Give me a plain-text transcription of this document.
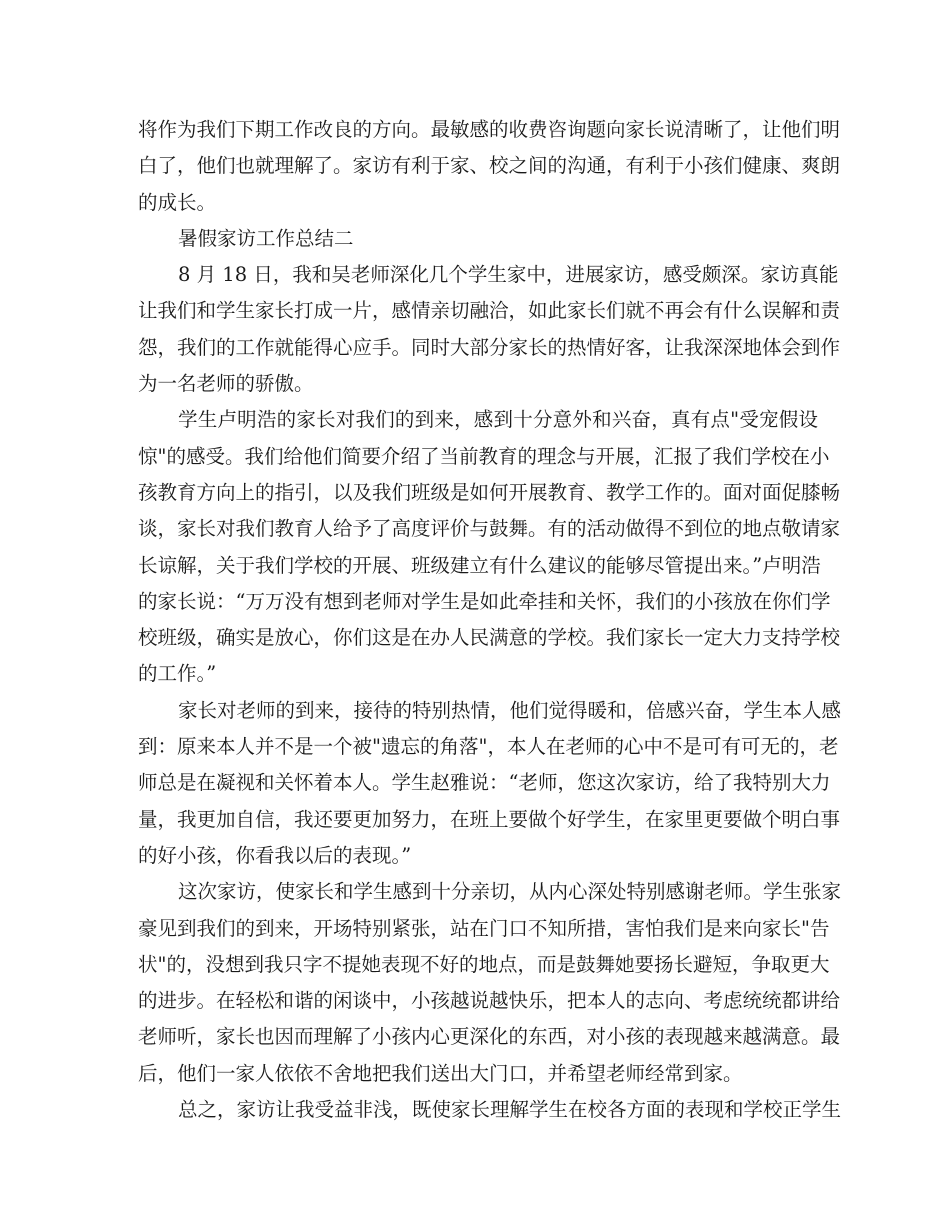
将作为我们下期工作改良的方向。最敏感的收费咨询题向家长说清晰了，让他们明
白了，他们也就理解了。家访有利于家、校之间的沟通，有利于小孩们健康、爽朗
的成长。
暑假家访工作总结二
8 月 18 日，我和吴老师深化几个学生家中，进展家访，感受颇深。家访真能
让我们和学生家长打成一片，感情亲切融洽，如此家长们就不再会有什么误解和责
怨，我们的工作就能得心应手。同时大部分家长的热情好客，让我深深地体会到作
为一名老师的骄傲。
学生卢明浩的家长对我们的到来，感到十分意外和兴奋，真有点"受宠假设
惊"的感受。我们给他们简要介绍了当前教育的理念与开展，汇报了我们学校在小
孩教育方向上的指引，以及我们班级是如何开展教育、教学工作的。面对面促膝畅
谈，家长对我们教育人给予了高度评价与鼓舞。有的活动做得不到位的地点敬请家
长谅解，关于我们学校的开展、班级建立有什么建议的能够尽管提出来。”卢明浩
的家长说：“万万没有想到老师对学生是如此牵挂和关怀，我们的小孩放在你们学
校班级，确实是放心，你们这是在办人民满意的学校。我们家长一定大力支持学校
的工作。”
家长对老师的到来，接待的特别热情，他们觉得暖和，倍感兴奋，学生本人感
到：原来本人并不是一个被"遗忘的角落"，本人在老师的心中不是可有可无的，老
师总是在凝视和关怀着本人。学生赵雅说：“老师，您这次家访，给了我特别大力
量，我更加自信，我还要更加努力，在班上要做个好学生，在家里更要做个明白事
的好小孩，你看我以后的表现。”
这次家访，使家长和学生感到十分亲切，从内心深处特别感谢老师。学生张家
豪见到我们的到来，开场特别紧张，站在门口不知所措，害怕我们是来向家长"告
状"的，没想到我只字不提她表现不好的地点，而是鼓舞她要扬长避短，争取更大
的进步。在轻松和谐的闲谈中，小孩越说越快乐，把本人的志向、考虑统统都讲给
老师听，家长也因而理解了小孩内心更深化的东西，对小孩的表现越来越满意。最
后，他们一家人依依不舍地把我们送出大门口，并希望老师经常到家。
总之，家访让我受益非浅，既使家长理解学生在校各方面的表现和学校正学生
